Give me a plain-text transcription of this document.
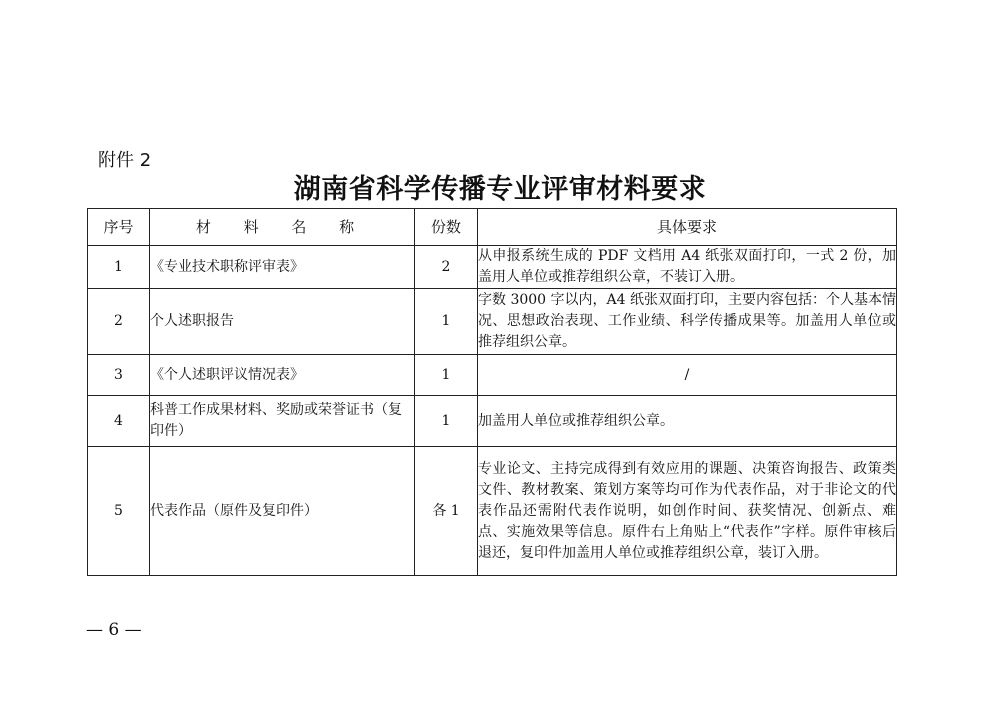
附件 2
湖南省科学传播专业评审材料要求
序号	材 料 名 称	份数	具体要求
1	《专业技术职称评审表》	2	从申报系统生成的 PDF 文档用 A4 纸张双面打印，一式 2 份，加盖用人单位或推荐组织公章，不装订入册。
2	个人述职报告	1	字数 3000 字以内，A4 纸张双面打印，主要内容包括：个人基本情况、思想政治表现、工作业绩、科学传播成果等。加盖用人单位或推荐组织公章。
3	《个人述职评议情况表》	1	/
4	科普工作成果材料、奖励或荣誉证书（复印件）	1	加盖用人单位或推荐组织公章。
5	代表作品（原件及复印件）	各 1	专业论文、主持完成得到有效应用的课题、决策咨询报告、政策类文件、教材教案、策划方案等均可作为代表作品，对于非论文的代表作品还需附代表作说明，如创作时间、获奖情况、创新点、难点、实施效果等信息。原件右上角贴上“代表作”字样。原件审核后退还，复印件加盖用人单位或推荐组织公章，装订入册。
— 6 —
